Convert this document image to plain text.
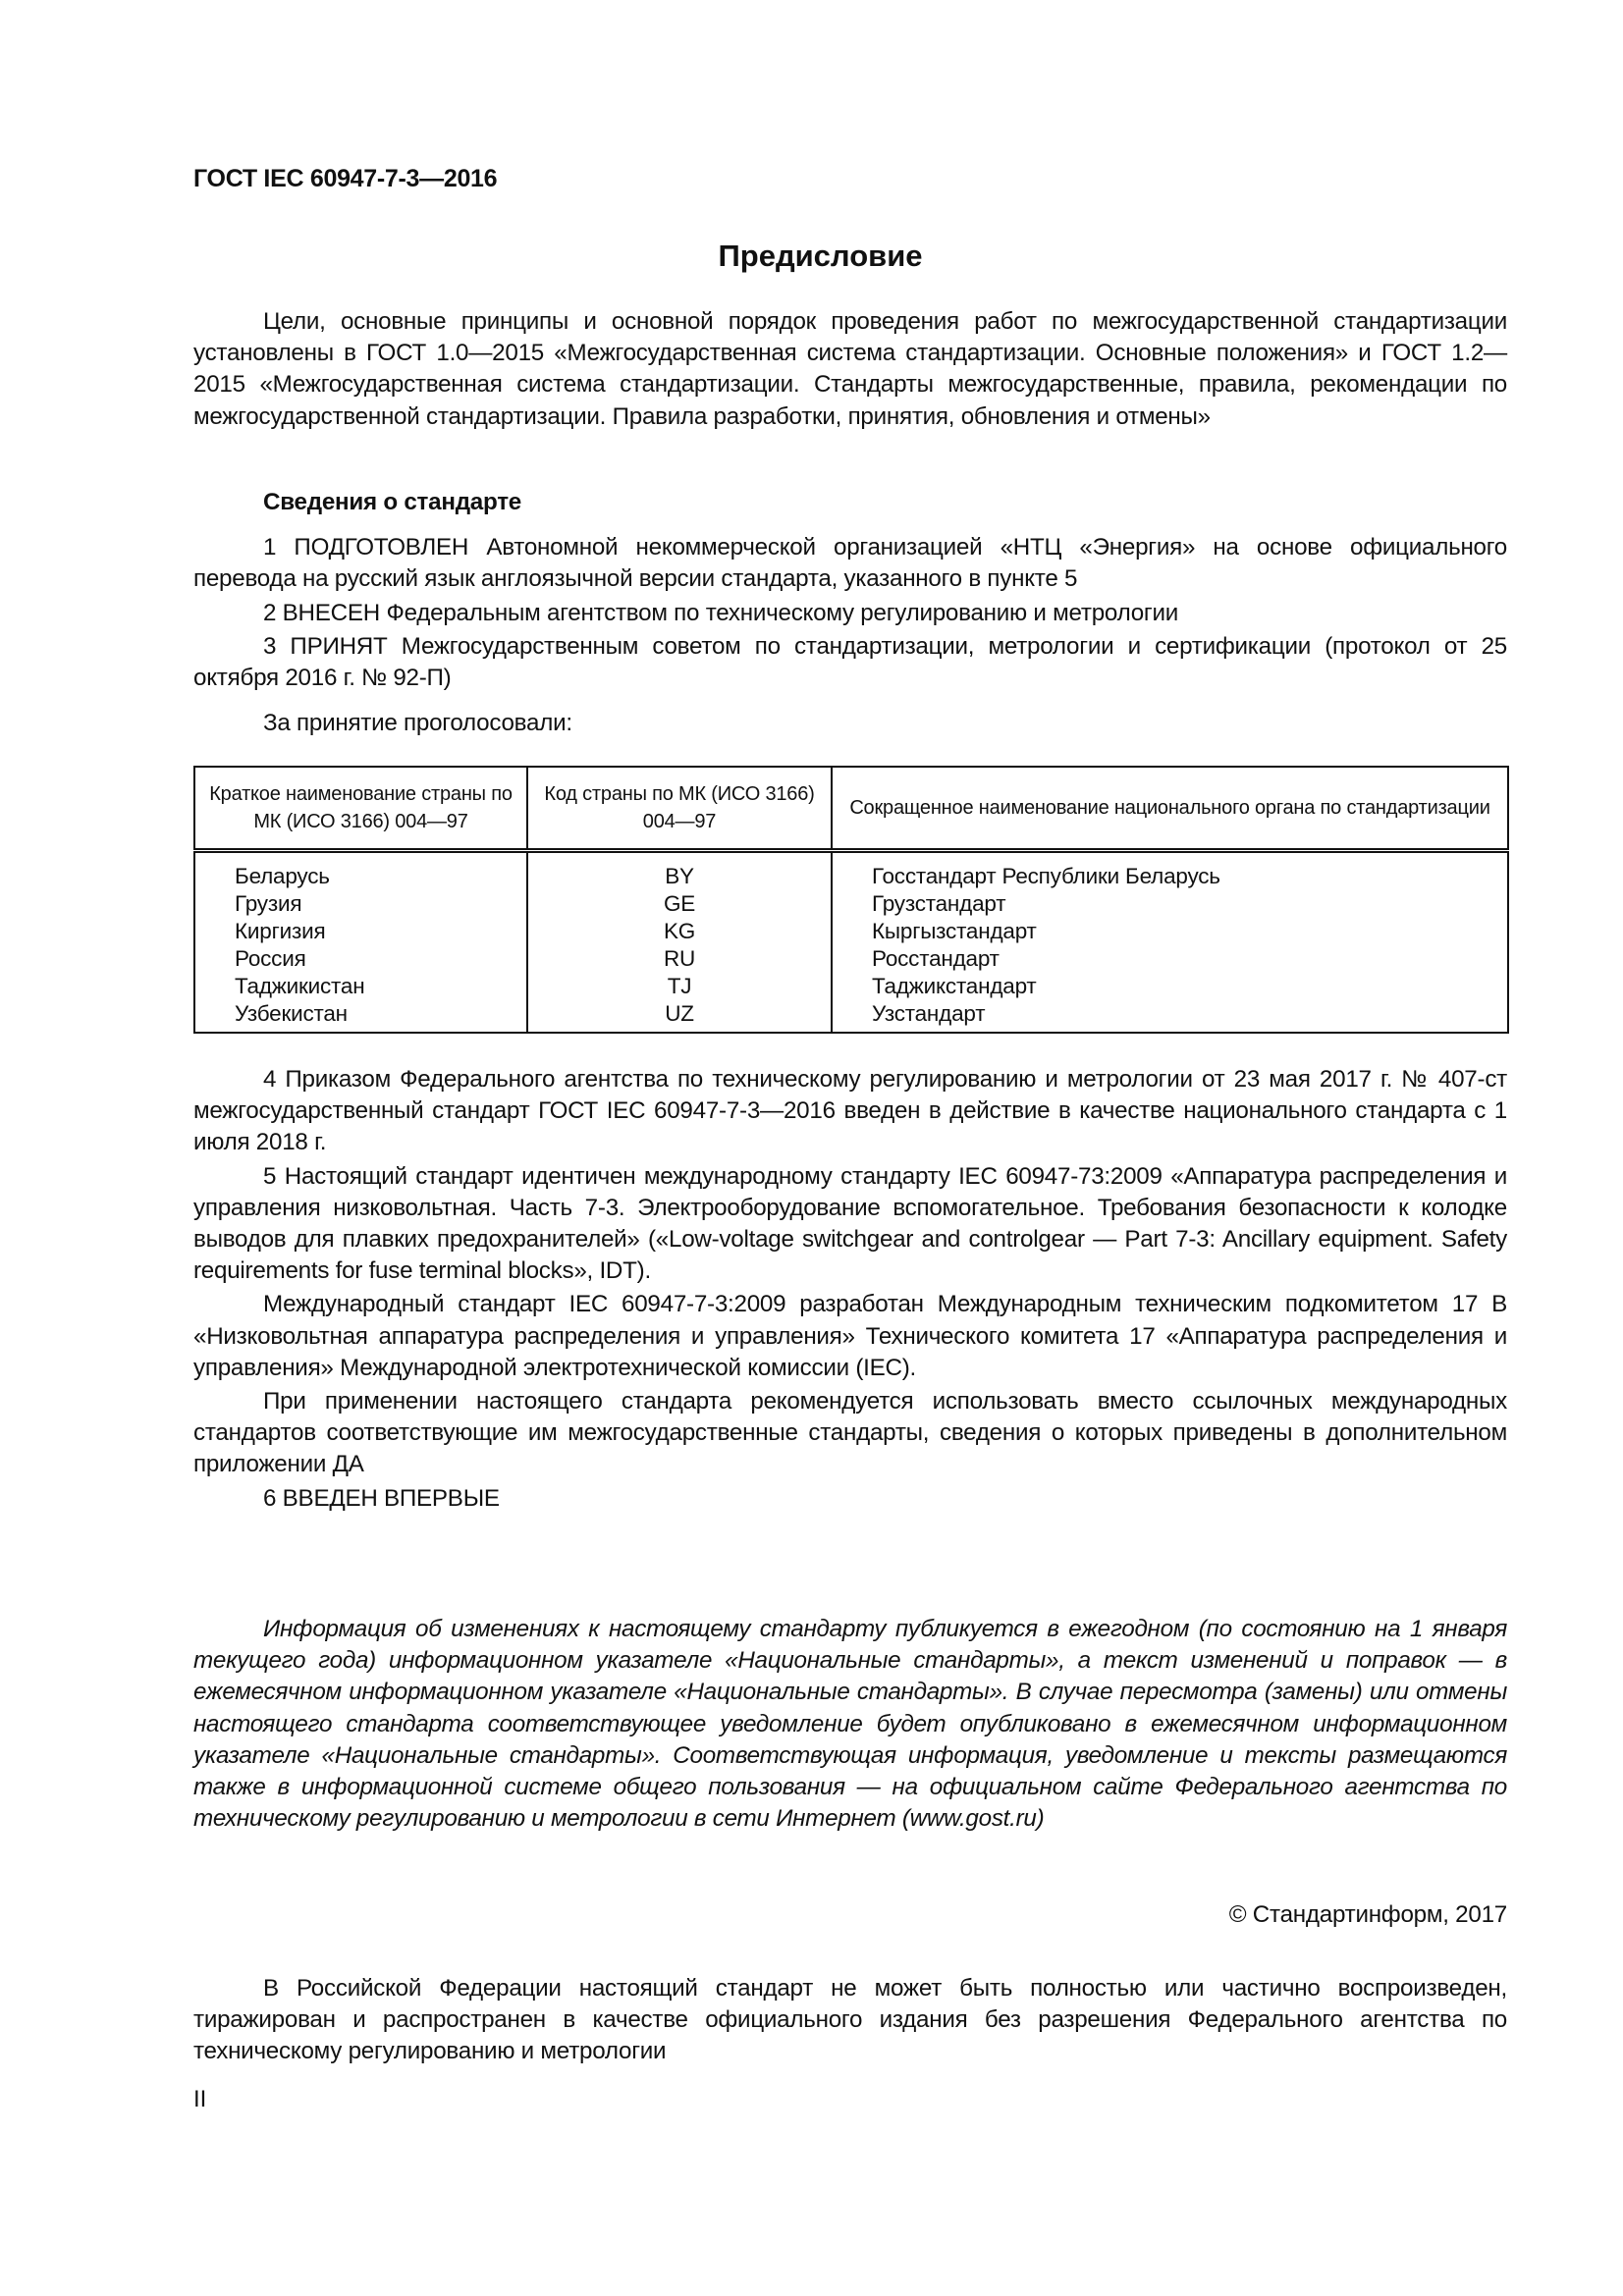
ГОСТ IEC 60947-7-3—2016
Предисловие

Цели, основные принципы и основной порядок проведения работ по межгосударственной стандартизации установлены в ГОСТ 1.0—2015 «Межгосударственная система стандартизации. Основные положения» и ГОСТ 1.2—2015 «Межгосударственная система стандартизации. Стандарты межгосударственные, правила, рекомендации по межгосударственной стандартизации. Правила разработки, принятия, обновления и отмены»

Сведения о стандарте

1 ПОДГОТОВЛЕН Автономной некоммерческой организацией «НТЦ «Энергия» на основе официального перевода на русский язык англоязычной версии стандарта, указанного в пункте 5

2 ВНЕСЕН Федеральным агентством по техническому регулированию и метрологии

3 ПРИНЯТ Межгосударственным советом по стандартизации, метрологии и сертификации (протокол от 25 октября 2016 г. № 92-П)

За принятие проголосовали:

Краткое наименование страны по МК (ИСО 3166) 004—97	Код страны по МК (ИСО 3166) 004—97	Сокращенное наименование национального органа по стандартизации
Беларусь	BY	Госстандарт Республики Беларусь
Грузия	GE	Грузстандарт
Киргизия	KG	Кыргызстандарт
Россия	RU	Росстандарт
Таджикистан	TJ	Таджикстандарт
Узбекистан	UZ	Узстандарт

4 Приказом Федерального агентства по техническому регулированию и метрологии от 23 мая 2017 г. № 407-ст межгосударственный стандарт ГОСТ IEC 60947-7-3—2016 введен в действие в качестве национального стандарта с 1 июля 2018 г.

5 Настоящий стандарт идентичен международному стандарту IEC 60947-73:2009 «Аппаратура распределения и управления низковольтная. Часть 7-3. Электрооборудование вспомогательное. Требования безопасности к колодке выводов для плавких предохранителей» («Low-voltage switchgear and controlgear — Part 7-3: Ancillary equipment. Safety requirements for fuse terminal blocks», IDT).

Международный стандарт IEC 60947-7-3:2009 разработан Международным техническим подкомитетом 17 В «Низковольтная аппаратура распределения и управления» Технического комитета 17 «Аппаратура распределения и управления» Международной электротехнической комиссии (IEC).

При применении настоящего стандарта рекомендуется использовать вместо ссылочных международных стандартов соответствующие им межгосударственные стандарты, сведения о которых приведены в дополнительном приложении ДА

6 ВВЕДЕН ВПЕРВЫЕ

Информация об изменениях к настоящему стандарту публикуется в ежегодном (по состоянию на 1 января текущего года) информационном указателе «Национальные стандарты», а текст изменений и поправок — в ежемесячном информационном указателе «Национальные стандарты». В случае пересмотра (замены) или отмены настоящего стандарта соответствующее уведомление будет опубликовано в ежемесячном информационном указателе «Национальные стандарты». Соответствующая информация, уведомление и тексты размещаются также в информационной системе общего пользования — на официальном сайте Федерального агентства по техническому регулированию и метрологии в сети Интернет (www.gost.ru)

© Стандартинформ, 2017

В Российской Федерации настоящий стандарт не может быть полностью или частично воспроизведен, тиражирован и распространен в качестве официального издания без разрешения Федерального агентства по техническому регулированию и метрологии

II
